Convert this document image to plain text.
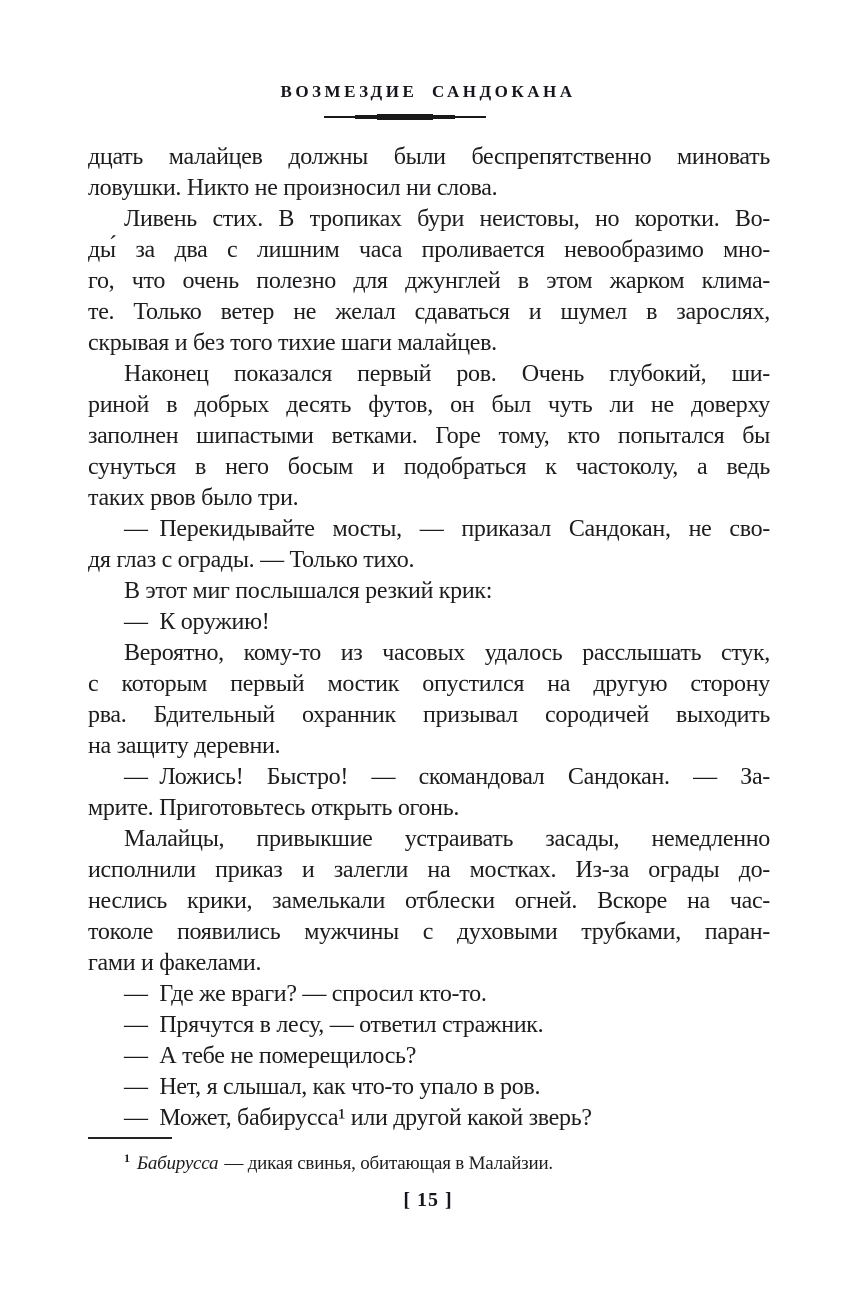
ВОЗМЕЗДИЕ САНДОКАНА
дцать малайцев должны были беспрепятственно миновать
ловушки. Никто не произносил ни слова.
Ливень стих. В тропиках бури неистовы, но коротки. Во-
ды́ за два с лишним часа проливается невообразимо мно-
го, что очень полезно для джунглей в этом жарком клима-
те. Только ветер не желал сдаваться и шумел в зарослях,
скрывая и без того тихие шаги малайцев.
Наконец показался первый ров. Очень глубокий, ши-
риной в добрых десять футов, он был чуть ли не доверху
заполнен шипастыми ветками. Горе тому, кто попытался бы
сунуться в него босым и подобраться к частоколу, а ведь
таких рвов было три.
— Перекидывайте мосты, — приказал Сандокан, не сво-
дя глаз с ограды. — Только тихо.
В этот миг послышался резкий крик:
— К оружию!
Вероятно, кому-то из часовых удалось расслышать стук,
с которым первый мостик опустился на другую сторону
рва. Бдительный охранник призывал сородичей выходить
на защиту деревни.
— Ложись! Быстро! — скомандовал Сандокан. — За-
мрите. Приготовьтесь открыть огонь.
Малайцы, привыкшие устраивать засады, немедленно
исполнили приказ и залегли на мостках. Из-за ограды до-
неслись крики, замелькали отблески огней. Вскоре на час-
токоле появились мужчины с духовыми трубками, паран-
гами и факелами.
— Где же враги? — спросил кто-то.
— Прячутся в лесу, — ответил стражник.
— А тебе не померещилось?
— Нет, я слышал, как что-то упало в ров.
— Может, бабирусса¹ или другой какой зверь?
$^1$ Бабирусса — дикая свинья, обитающая в Малайзии.
[ 15 ]
